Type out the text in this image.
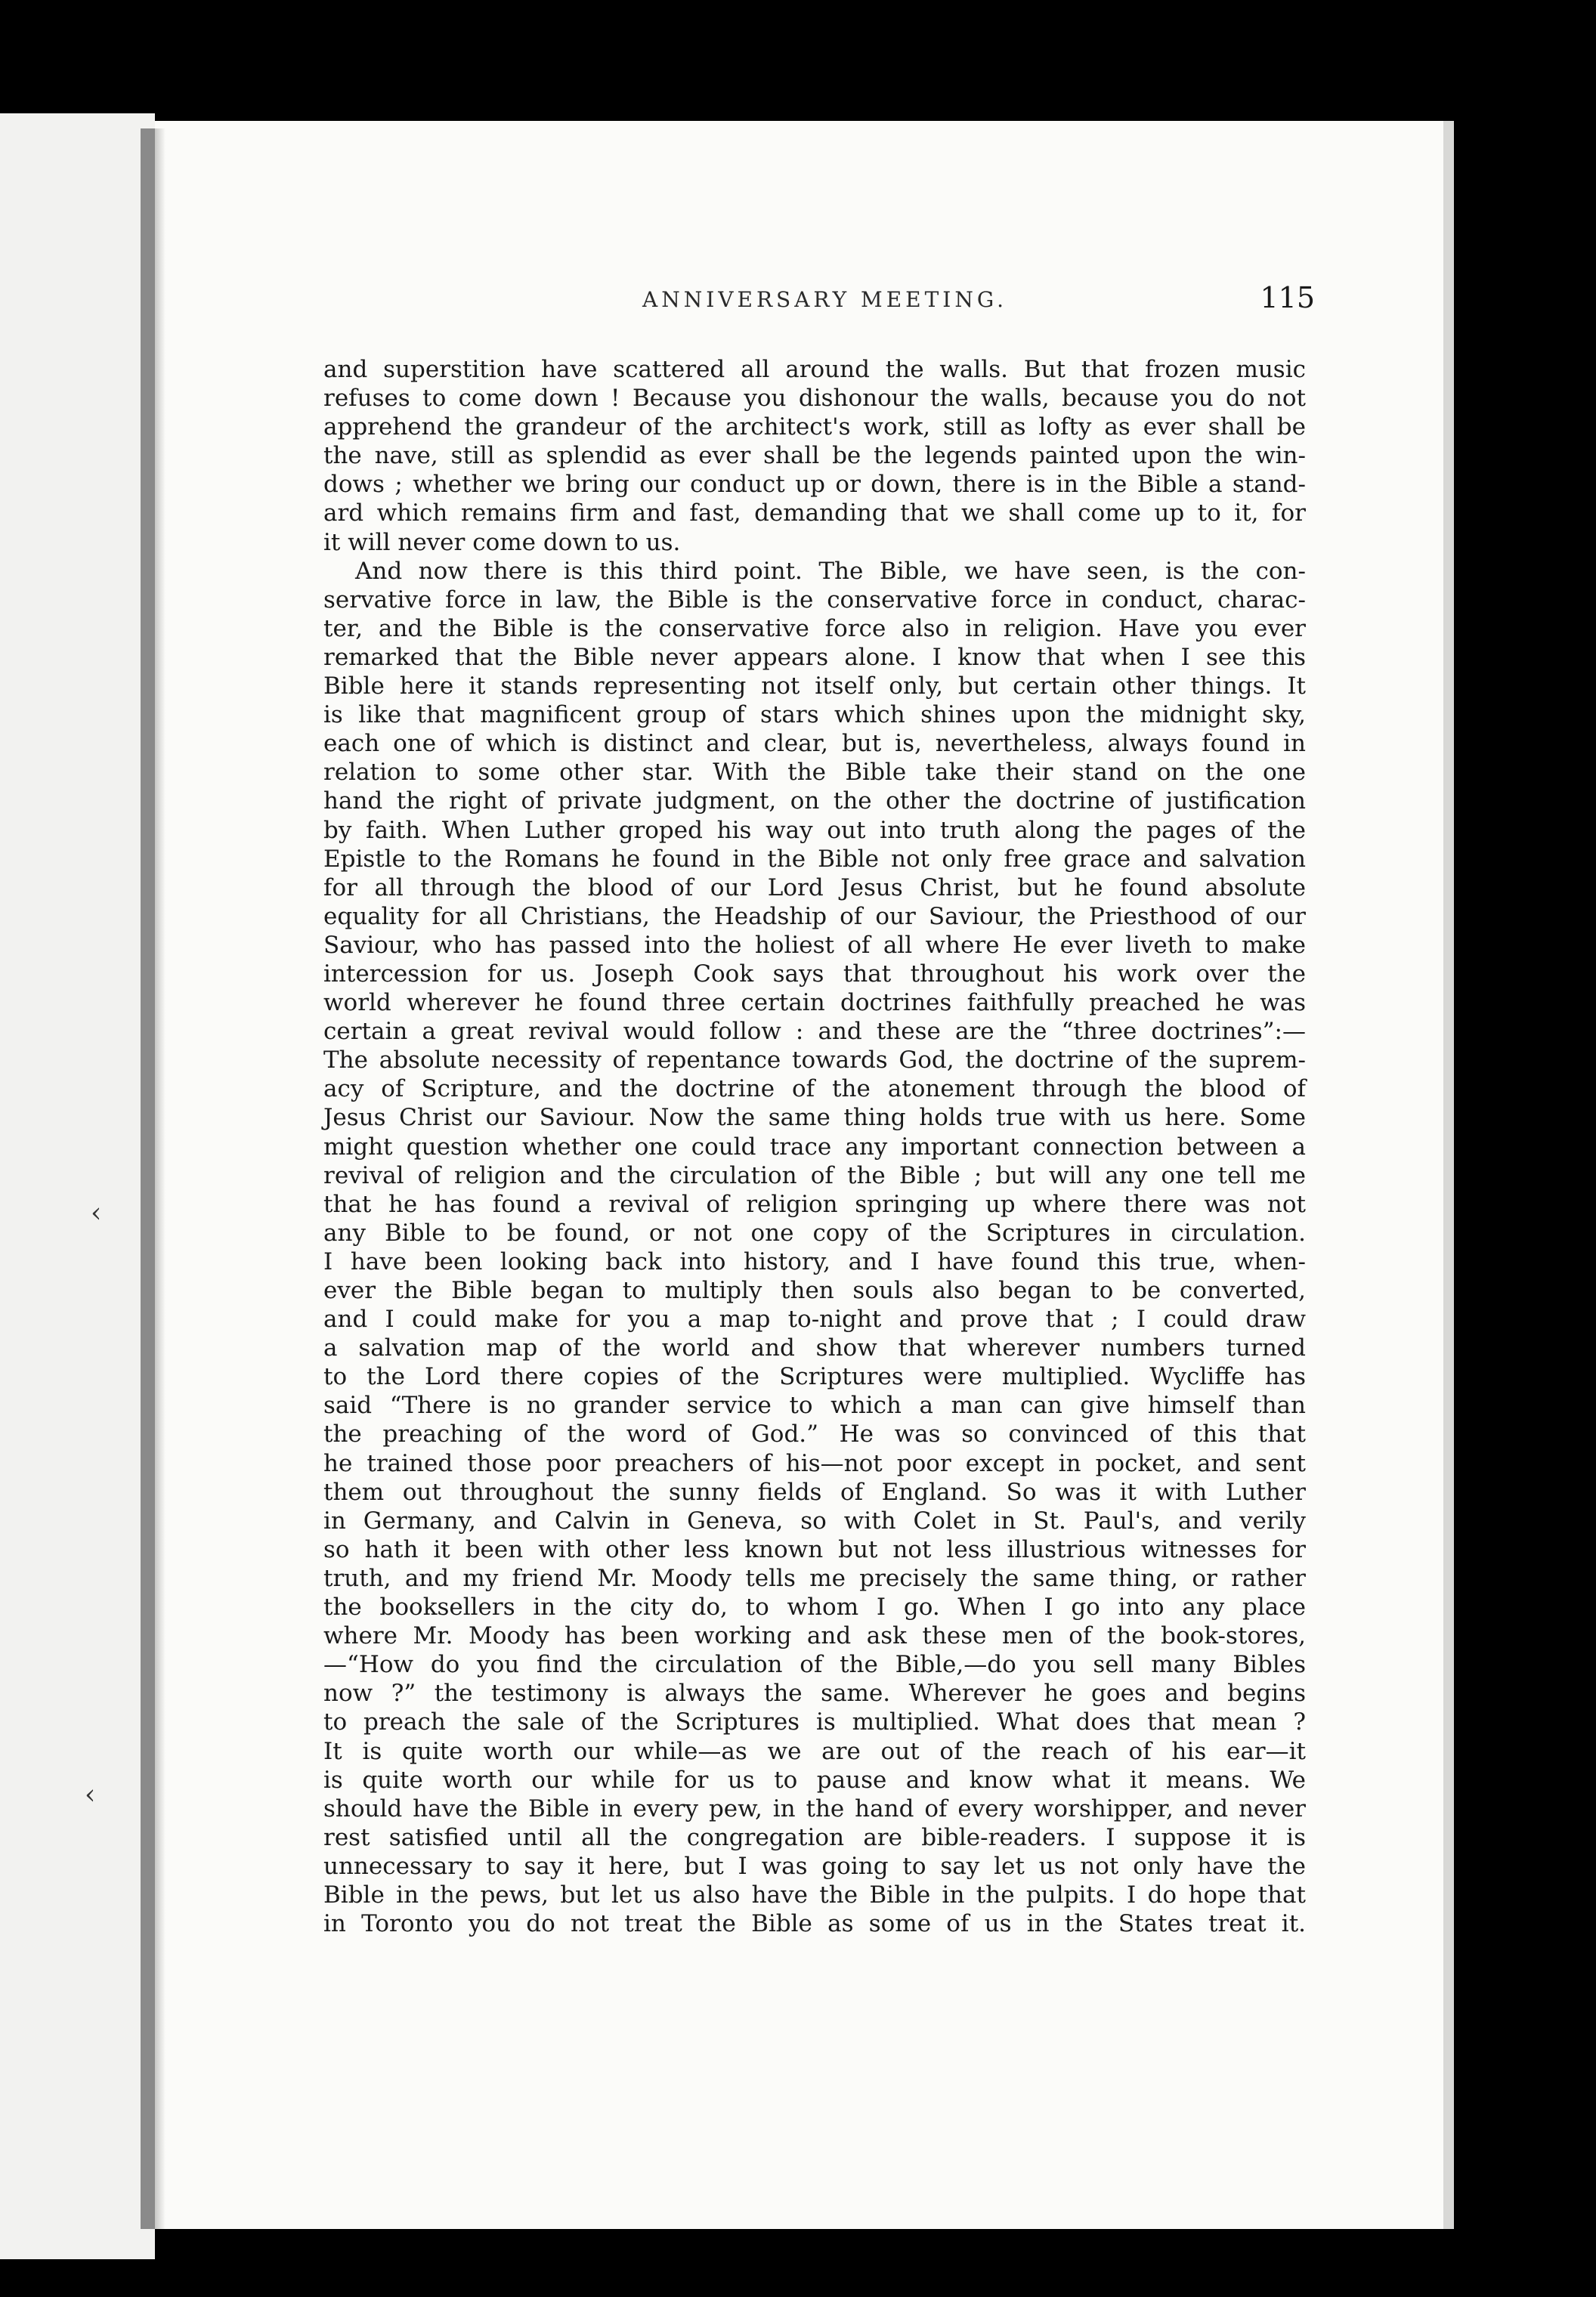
ANNIVERSARY MEETING.	115
and superstition have scattered all around the walls. But that frozen music
refuses to come down ! Because you dishonour the walls, because you do not
apprehend the grandeur of the architect's work, still as lofty as ever shall be
the nave, still as splendid as ever shall be the legends painted upon the win-
dows ; whether we bring our conduct up or down, there is in the Bible a stand-
ard which remains firm and fast, demanding that we shall come up to it, for
it will never come down to us.
And now there is this third point. The Bible, we have seen, is the con-
servative force in law, the Bible is the conservative force in conduct, charac-
ter, and the Bible is the conservative force also in religion. Have you ever
remarked that the Bible never appears alone. I know that when I see this
Bible here it stands representing not itself only, but certain other things. It
is like that magnificent group of stars which shines upon the midnight sky,
each one of which is distinct and clear, but is, nevertheless, always found in
relation to some other star. With the Bible take their stand on the one
hand the right of private judgment, on the other the doctrine of justification
by faith. When Luther groped his way out into truth along the pages of the
Epistle to the Romans he found in the Bible not only free grace and salvation
for all through the blood of our Lord Jesus Christ, but he found absolute
equality for all Christians, the Headship of our Saviour, the Priesthood of our
Saviour, who has passed into the holiest of all where He ever liveth to make
intercession for us. Joseph Cook says that throughout his work over the
world wherever he found three certain doctrines faithfully preached he was
certain a great revival would follow : and these are the “three doctrines”:—
The absolute necessity of repentance towards God, the doctrine of the suprem-
acy of Scripture, and the doctrine of the atonement through the blood of
Jesus Christ our Saviour. Now the same thing holds true with us here. Some
might question whether one could trace any important connection between a
revival of religion and the circulation of the Bible ; but will any one tell me
that he has found a revival of religion springing up where there was not
any Bible to be found, or not one copy of the Scriptures in circulation.
I have been looking back into history, and I have found this true, when-
ever the Bible began to multiply then souls also began to be converted,
and I could make for you a map to-night and prove that ; I could draw
a salvation map of the world and show that wherever numbers turned
to the Lord there copies of the Scriptures were multiplied. Wycliffe has
said “There is no grander service to which a man can give himself than
the preaching of the word of God.” He was so convinced of this that
he trained those poor preachers of his—not poor except in pocket, and sent
them out throughout the sunny fields of England. So was it with Luther
in Germany, and Calvin in Geneva, so with Colet in St. Paul's, and verily
so hath it been with other less known but not less illustrious witnesses for
truth, and my friend Mr. Moody tells me precisely the same thing, or rather
the booksellers in the city do, to whom I go. When I go into any place
where Mr. Moody has been working and ask these men of the book-stores,
—“How do you find the circulation of the Bible,—do you sell many Bibles
now ?” the testimony is always the same. Wherever he goes and begins
to preach the sale of the Scriptures is multiplied. What does that mean ?
It is quite worth our while—as we are out of the reach of his ear—it
is quite worth our while for us to pause and know what it means. We
should have the Bible in every pew, in the hand of every worshipper, and never
rest satisfied until all the congregation are bible-readers. I suppose it is
unnecessary to say it here, but I was going to say let us not only have the
Bible in the pews, but let us also have the Bible in the pulpits. I do hope that
in Toronto you do not treat the Bible as some of us in the States treat it.
‹
‹
